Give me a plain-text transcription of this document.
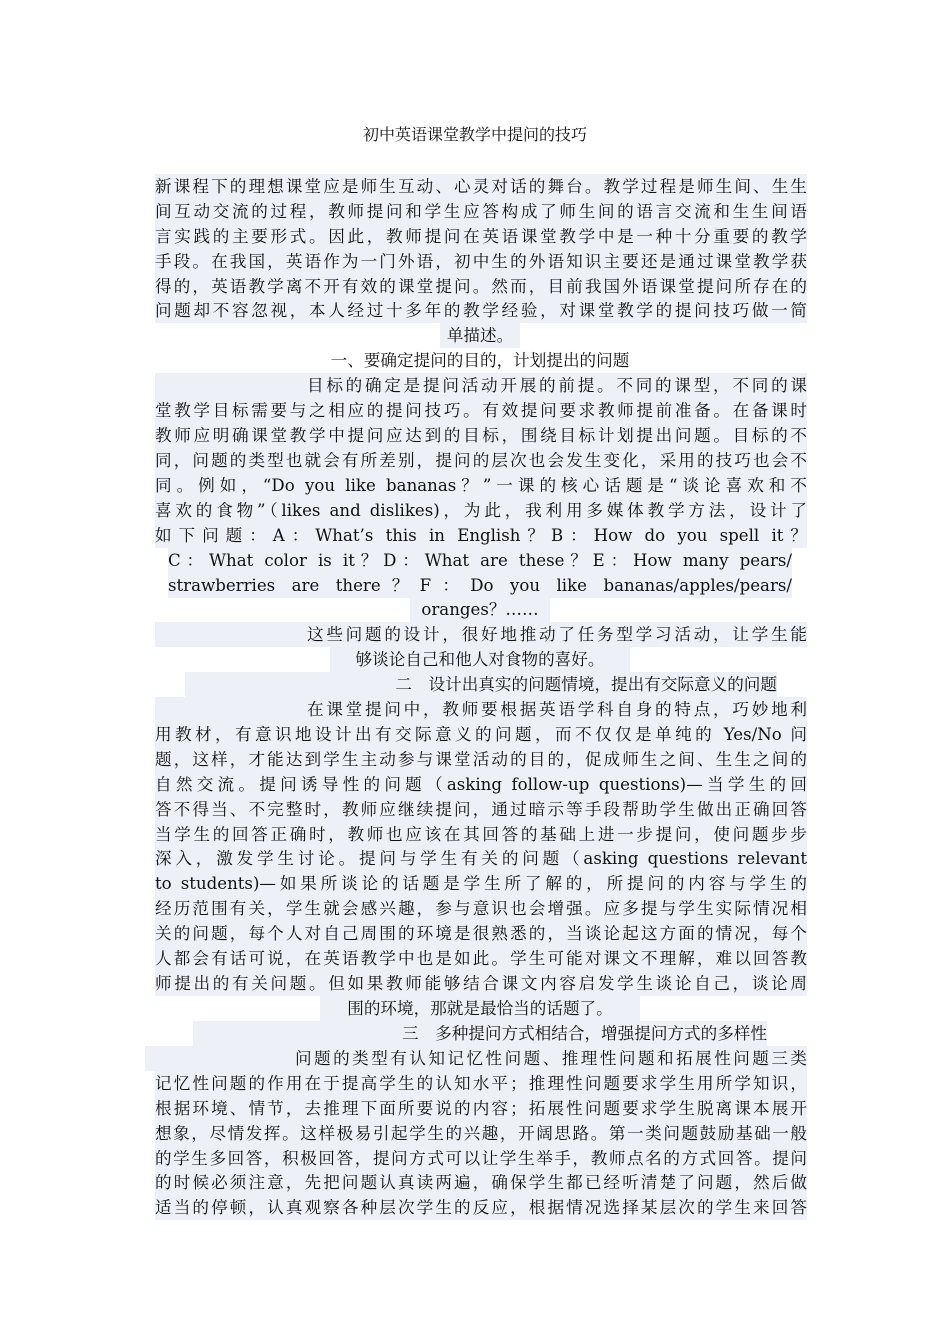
初中英语课堂教学中提问的技巧
新课程下的理想课堂应是师生互动、心灵对话的舞台。教学过程是师生间、生生
间互动交流的过程，教师提问和学生应答构成了师生间的语言交流和生生间语
言实践的主要形式。因此，教师提问在英语课堂教学中是一种十分重要的教学
手段。在我国，英语作为一门外语，初中生的外语知识主要还是通过课堂教学获
得的，英语教学离不开有效的课堂提问。然而，目前我国外语课堂提问所存在的
问题却不容忽视，本人经过十多年的教学经验，对课堂教学的提问技巧做一简
单描述。
一、要确定提问的目的，计划提出的问题
目标的确定是提问活动开展的前提。不同的课型，不同的课
堂教学目标需要与之相应的提问技巧。有效提问要求教师提前准备。在备课时
教师应明确课堂教学中提问应达到的目标，围绕目标计划提出问题。目标的不
同，问题的类型也就会有所差别，提问的层次也会发生变化，采用的技巧也会不
同。例如，“Do you like bananas？”一课的核心话题是“谈论喜欢和不
喜欢的食物”（likes and dislikes)，为此，我利用多媒体教学方法，设计了
如下问题：A：What’s this in English？B：How do you spell it？
C：What color is it？D：What are these？E：How many pears/
strawberries are there？F：Do you like bananas/apples/pears/
oranges？……
这些问题的设计，很好地推动了任务型学习活动，让学生能
够谈论自己和他人对食物的喜好。
二　设计出真实的问题情境，提出有交际意义的问题
在课堂提问中，教师要根据英语学科自身的特点，巧妙地利
用教材，有意识地设计出有交际意义的问题，而不仅仅是单纯的 Yes/No 问
题，这样，才能达到学生主动参与课堂活动的目的，促成师生之间、生生之间的
自然交流。提问诱导性的问题（asking follow-up questions)—当学生的回
答不得当、不完整时，教师应继续提问，通过暗示等手段帮助学生做出正确回答
当学生的回答正确时，教师也应该在其回答的基础上进一步提问，使问题步步
深入，激发学生讨论。提问与学生有关的问题（asking questions relevant
to students)—如果所谈论的话题是学生所了解的，所提问的内容与学生的
经历范围有关，学生就会感兴趣，参与意识也会增强。应多提与学生实际情况相
关的问题，每个人对自己周围的环境是很熟悉的，当谈论起这方面的情况，每个
人都会有话可说，在英语教学中也是如此。学生可能对课文不理解，难以回答教
师提出的有关问题。但如果教师能够结合课文内容启发学生谈论自己，谈论周
围的环境，那就是最恰当的话题了。
三　多种提问方式相结合，增强提问方式的多样性
问题的类型有认知记忆性问题、推理性问题和拓展性问题三类
记忆性问题的作用在于提高学生的认知水平；推理性问题要求学生用所学知识，
根据环境、情节，去推理下面所要说的内容；拓展性问题要求学生脱离课本展开
想象，尽情发挥。这样极易引起学生的兴趣，开阔思路。第一类问题鼓励基础一般
的学生多回答，积极回答，提问方式可以让学生举手，教师点名的方式回答。提问
的时候必须注意，先把问题认真读两遍，确保学生都已经听清楚了问题，然后做
适当的停顿，认真观察各种层次学生的反应，根据情况选择某层次的学生来回答
